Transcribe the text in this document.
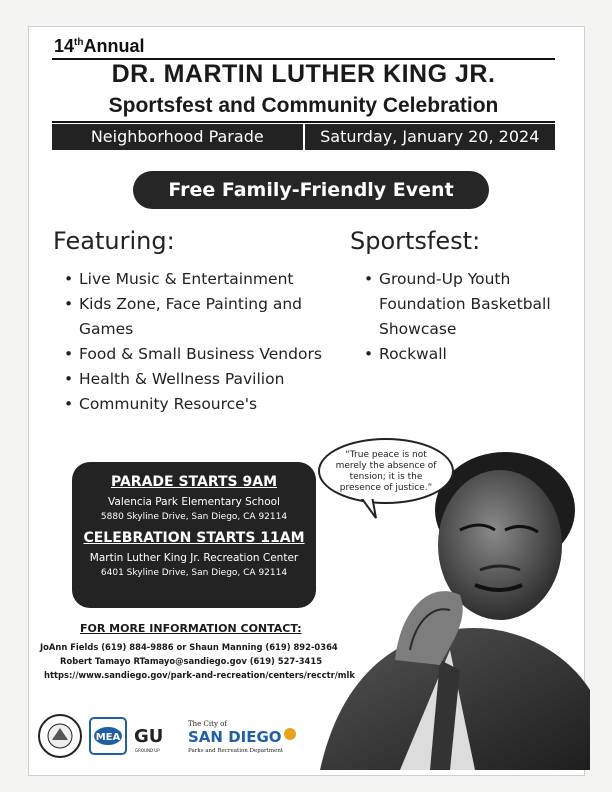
14thAnnual
DR. MARTIN LUTHER KING JR.
Sportsfest and Community Celebration
Neighborhood Parade	Saturday, January 20, 2024
Free Family-Friendly Event
Featuring:	Sportsfest:
• Live Music & Entertainment
• Kids Zone, Face Painting and Games
• Food & Small Business Vendors
• Health & Wellness Pavilion
• Community Resource's
• Ground-Up Youth Foundation Basketball Showcase
• Rockwall
“True peace is not merely the absence of tension; it is the presence of justice.”
PARADE STARTS 9AM
Valencia Park Elementary School
5880 Skyline Drive, San Diego, CA 92114
CELEBRATION STARTS 11AM
Martin Luther King Jr. Recreation Center
6401 Skyline Drive, San Diego, CA 92114
FOR MORE INFORMATION CONTACT:
JoAnn Fields (619) 884-9886 or Shaun Manning (619) 892-0364
Robert Tamayo RTamayo@sandiego.gov (619) 527-3415
https://www.sandiego.gov/park-and-recreation/centers/recctr/mlk
MEA GU
GROUND UP
The City of
SAN DIEGO
Parks and Recreation Department
